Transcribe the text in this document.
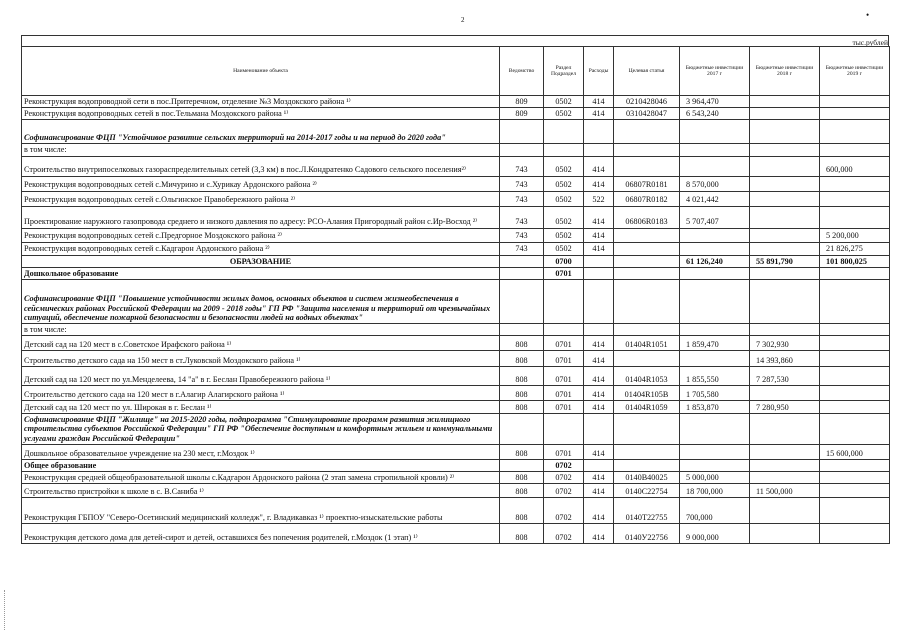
2	•
тыс.рублей
Наименование объекта	Ведомство	Раздел Подраздел	Расходы	Целевая статья	Бюджетные инвестиции 2017 г	Бюджетные инвестиции 2018 г	Бюджетные инвестиции 2019 г
Реконструкция водопроводной сети в пос.Притеречном, отделение №3 Моздокского района ¹⁾	809	0502	414	0210428046	3 964,470		
Реконструкция водопроводных сетей в пос.Тельмана Моздокского района ¹⁾	809	0502	414	0310428047	6 543,240		
Софинансирование ФЦП "Устойчивое развитие сельских территорий на 2014-2017 годы и на период до 2020 года"							
в том числе:							
Строительство внутрипоселковых газораспределительных сетей (3,3 км) в пос.Л.Кондратенко Садового сельского поселения²⁾	743	0502	414				600,000
Реконструкция водопроводных сетей с.Мичурино и с.Хурикау Ардонского района ²⁾	743	0502	414	06807R0181	8 570,000		
Реконструкция водопроводных сетей с.Ольгинское Правобережного района ²⁾	743	0502	522	06807R0182	4 021,442		
Проектирование наружного газопровода среднего и низкого давления по адресу: РСО-Алания Пригородный район с.Ир-Восход ²⁾	743	0502	414	06806R0183	5 707,407		
Реконструкция водопроводных сетей с.Предгорное Моздокского района ²⁾	743	0502	414				5 200,000
Реконструкция водопроводных сетей с.Кадгарон Ардонского района ²⁾	743	0502	414				21 826,275
ОБРАЗОВАНИЕ		0700			61 126,240	55 891,790	101 800,025
Дошкольное образование		0701					
Софинансирование ФЦП "Повышение устойчивости жилых домов, основных объектов и систем жизнеобеспечения в сейсмических районах Российской Федерации на 2009 - 2018 годы" ГП РФ "Защита населения и территорий от чрезвычайных ситуаций, обеспечение пожарной безопасности и безопасности людей на водных объектах"							
в том числе:							
Детский сад на 120 мест в с.Советское Ирафского района ¹⁾	808	0701	414	01404R1051	1 859,470	7 302,930	
Строительство детского сада на 150 мест в ст.Луковской Моздокского района ¹⁾	808	0701	414			14 393,860	
Детский сад на 120 мест по ул.Менделеева, 14 "а" в г. Беслан Правобережного района ¹⁾	808	0701	414	01404R1053	1 855,550	7 287,530	
Строительство детского сада на 120 мест в г.Алагир Алагирского района ¹⁾	808	0701	414	01404R105B	1 705,580		
Детский сад на 120 мест по ул. Широкая в г. Беслан ¹⁾	808	0701	414	01404R1059	1 853,870	7 280,950	
Софинансирование ФЦП "Жилище" на 2015-2020 годы, подпрограмма "Стимулирование программ развития жилищного строительства субъектов Российской Федерации" ГП РФ "Обеспечение доступным и комфортным жильем и коммунальными услугами граждан Российской Федерации"							
Дошкольное образовательное учреждение на 230 мест, г.Моздок ¹⁾	808	0701	414				15 600,000
Общее образование		0702					
Реконструкция средней общеобразовательной школы с.Кадгарон Ардонского района (2 этап замена стропильной кровли) ²⁾	808	0702	414	0140В40025	5 000,000		
Строительство пристройки к школе в с. В.Саниба ¹⁾	808	0702	414	0140С22754	18 700,000	11 500,000	
Реконструкция ГБПОУ "Северо-Осетинский медицинский колледж", г. Владикавказ ¹⁾ проектно-изыскательские работы	808	0702	414	0140Т22755	700,000		
Реконструкция детского дома для детей-сирот и детей, оставшихся без попечения родителей, г.Моздок (1 этап) ¹⁾	808	0702	414	0140У22756	9 000,000		
